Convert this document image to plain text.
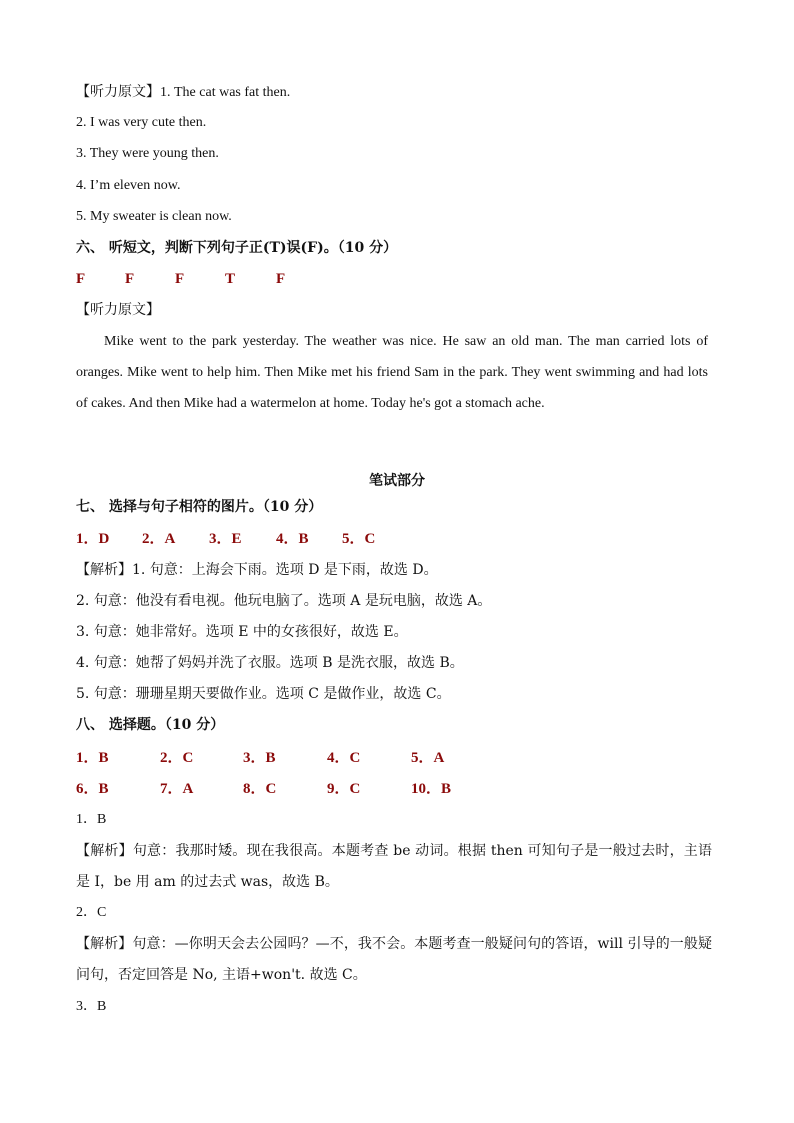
【听力原文】1. The cat was fat then.
2. I was very cute then.
3. They were young then.
4. I’m eleven now.
5. My sweater is clean now.
六、 听短文，判断下列句子正(T)误(F)。（10 分）
F	F	F	T	F
【听力原文】
Mike went to the park yesterday. The weather was nice. He saw an old man. The man carried lots of oranges. Mike went to help him. Then Mike met his friend Sam in the park. They went swimming and had lots of cakes. And then Mike had a watermelon at home. Today he's got a stomach ache.
笔试部分
七、 选择与句子相符的图片。（10 分）
1．D 2．A 3．E 4．B 5．C
【解析】1. 句意：上海会下雨。选项 D 是下雨，故选 D。
2. 句意：他没有看电视。他玩电脑了。选项 A 是玩电脑，故选 A。
3. 句意：她非常好。选项 E 中的女孩很好，故选 E。
4. 句意：她帮了妈妈并洗了衣服。选项 B 是洗衣服，故选 B。
5. 句意：珊珊星期天要做作业。选项 C 是做作业，故选 C。
八、 选择题。（10 分）
1．B	2．C	3．B	4．C	5．A
6．B	7．A	8．C	9．C	10．B
1．B
【解析】句意：我那时矮。现在我很高。本题考查 be 动词。根据 then 可知句子是一般过去时，主语是 I，be 用 am 的过去式 was，故选 B。
2．C
【解析】句意：—你明天会去公园吗？—不，我不会。本题考查一般疑问句的答语，will 引导的一般疑问句，否定回答是 No, 主语+won't. 故选 C。
3．B
